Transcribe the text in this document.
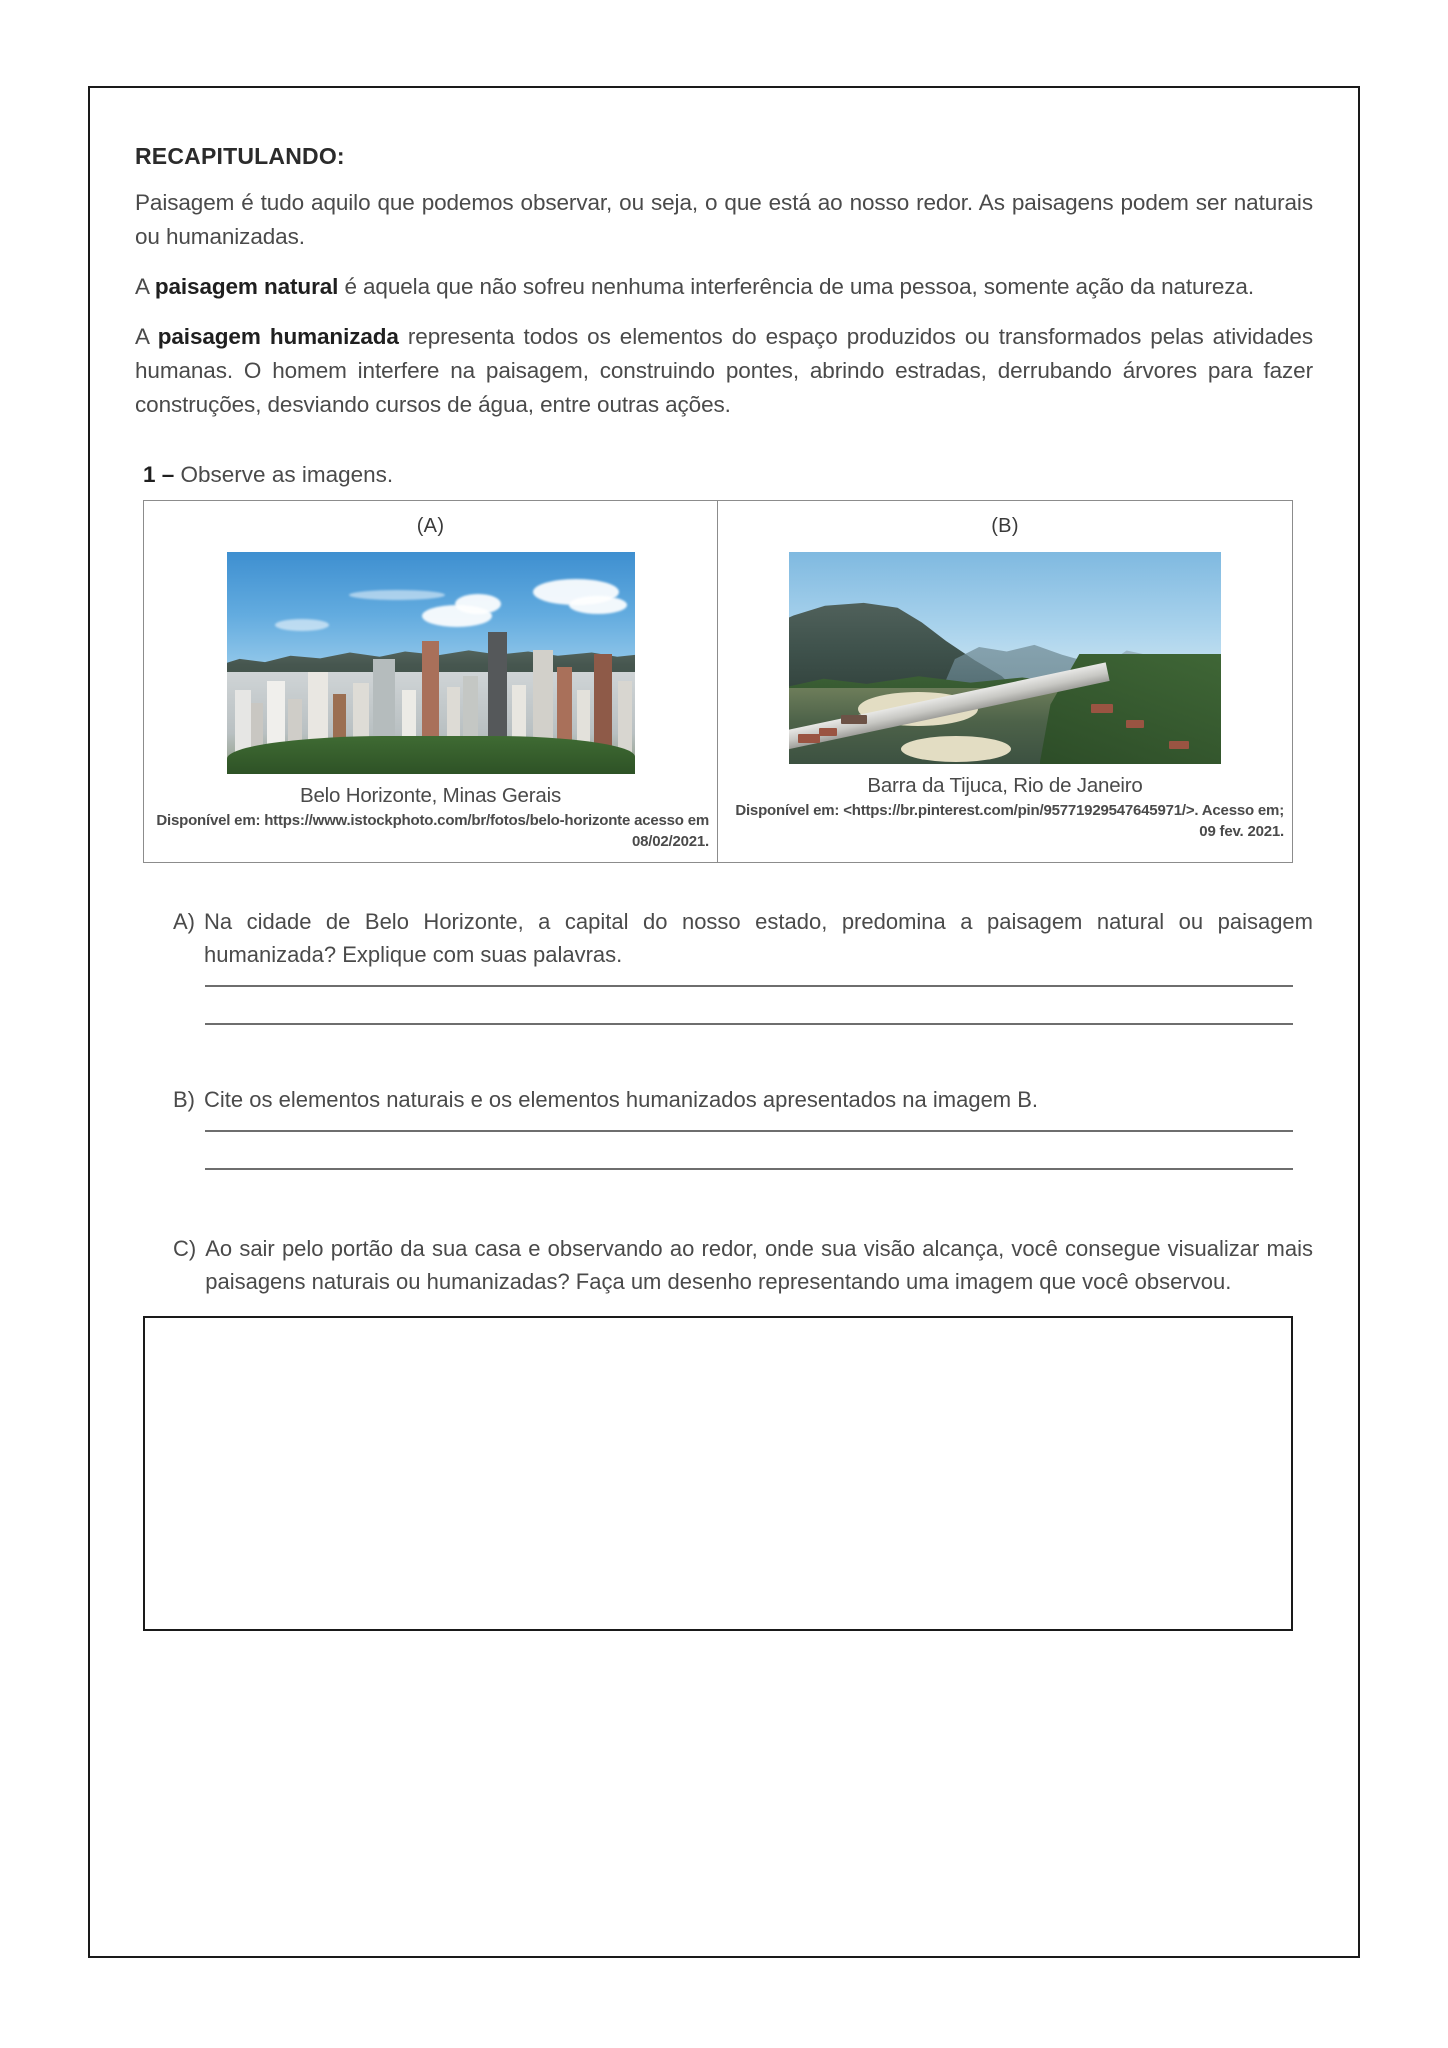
RECAPITULANDO:

Paisagem é tudo aquilo que podemos observar, ou seja, o que está ao nosso redor. As paisagens podem ser naturais ou humanizadas.

A paisagem natural é aquela que não sofreu nenhuma interferência de uma pessoa, somente ação da natureza.

A paisagem humanizada representa todos os elementos do espaço produzidos ou transformados pelas atividades humanas. O homem interfere na paisagem, construindo pontes, abrindo estradas, derrubando árvores para fazer construções, desviando cursos de água, entre outras ações.

1 – Observe as imagens.
(A)
Belo Horizonte, Minas Gerais
Disponível em: https://www.istockphoto.com/br/fotos/belo-horizonte acesso em 08/02/2021.
(B)
Barra da Tijuca, Rio de Janeiro
Disponível em: <https://br.pinterest.com/pin/95771929547645971/>. Acesso em; 09 fev. 2021.
A) Na cidade de Belo Horizonte, a capital do nosso estado, predomina a paisagem natural ou paisagem humanizada? Explique com suas palavras.
B) Cite os elementos naturais e os elementos humanizados apresentados na imagem B.
C) Ao sair pelo portão da sua casa e observando ao redor, onde sua visão alcança, você consegue visualizar mais paisagens naturais ou humanizadas? Faça um desenho representando uma imagem que você observou.
